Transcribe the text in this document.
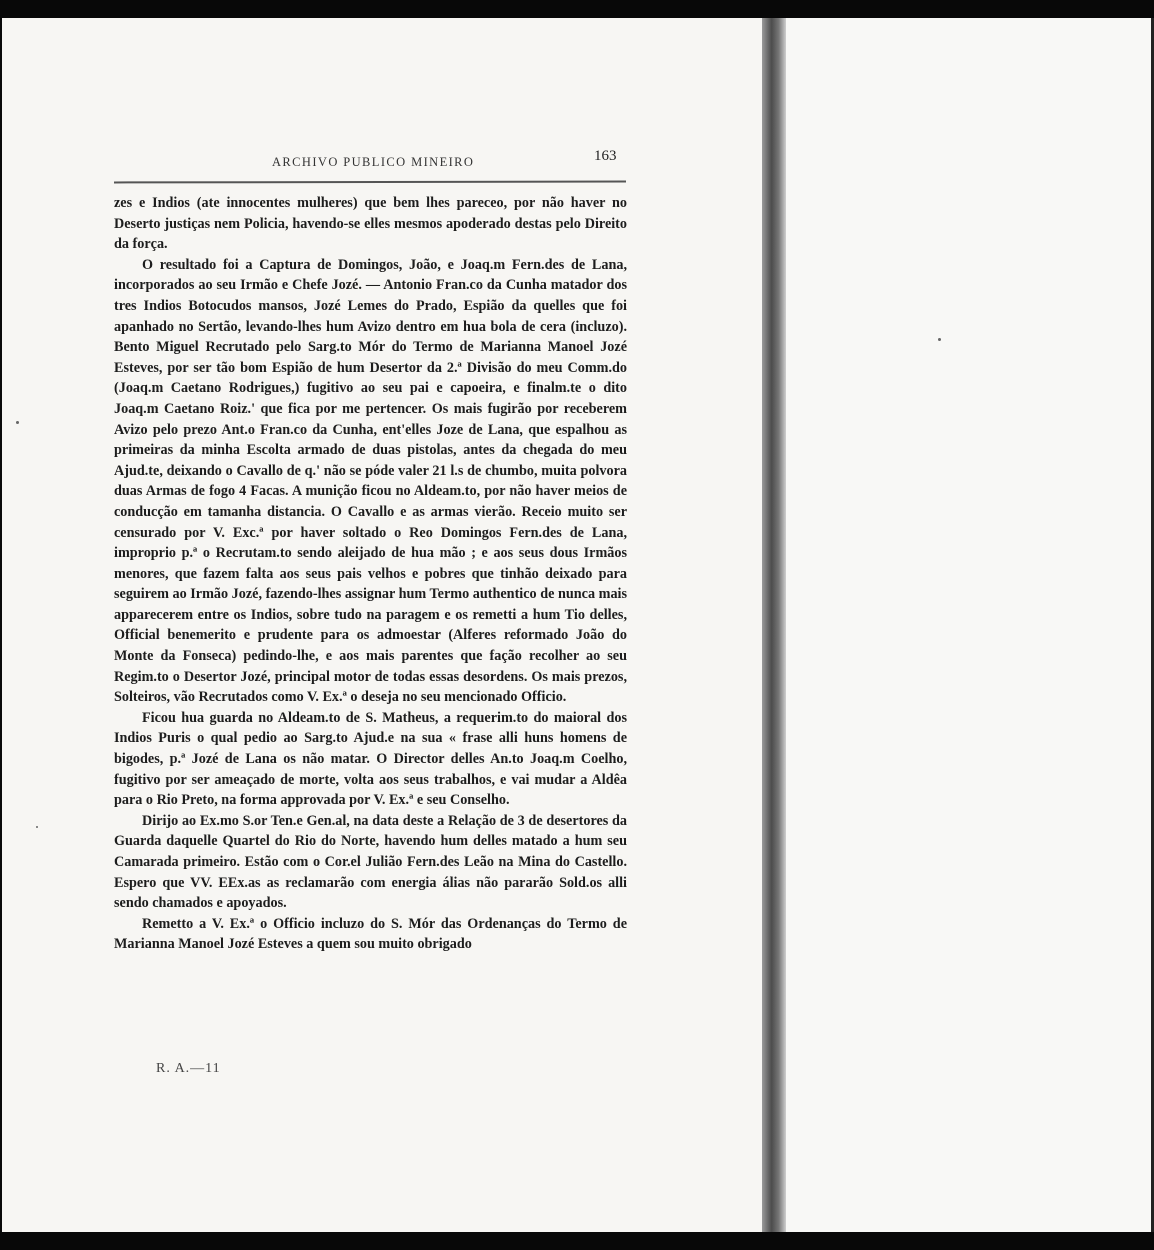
ARCHIVO PUBLICO MINEIRO	163

zes e Indios (ate innocentes mulheres) que bem lhes pareceo, por não haver no Deserto justiças nem Policia, havendo-se elles mesmos apoderado destas pelo Direito da força.

O resultado foi a Captura de Domingos, João, e Joaq.m Fern.des de Lana, incorporados ao seu Irmão e Chefe Jozé. — Antonio Fran.co da Cunha matador dos tres Indios Botocudos mansos, Jozé Lemes do Prado, Espião da quelles que foi apanhado no Sertão, levando-lhes hum Avizo dentro em hua bola de cera (incluzo). Bento Miguel Recrutado pelo Sarg.to Mór do Termo de Marianna Manoel Jozé Esteves, por ser tão bom Espião de hum Desertor da 2.ª Divisão do meu Comm.do (Joaq.m Caetano Rodrigues,) fugitivo ao seu pai e capoeira, e finalm.te o dito Joaq.m Caetano Roiz.' que fica por me pertencer. Os mais fugirão por receberem Avizo pelo prezo Ant.o Fran.co da Cunha, ent'elles Joze de Lana, que espalhou as primeiras da minha Escolta armado de duas pistolas, antes da chegada do meu Ajud.te, deixando o Cavallo de q.' não se póde valer 21 l.s de chumbo, muita polvora duas Armas de fogo 4 Facas. A munição ficou no Aldeam.to, por não haver meios de conducção em tamanha distancia. O Cavallo e as armas vierão. Receio muito ser censurado por V. Exc.ª por haver soltado o Reo Domingos Fern.des de Lana, improprio p.ª o Recrutam.to sendo aleijado de hua mão ; e aos seus dous Irmãos menores, que fazem falta aos seus pais velhos e pobres que tinhão deixado para seguirem ao Irmão Jozé, fazendo-lhes assignar hum Termo authentico de nunca mais apparecerem entre os Indios, sobre tudo na paragem e os remetti a hum Tio delles, Official benemerito e prudente para os admoestar (Alferes reformado João do Monte da Fonseca) pedindo-lhe, e aos mais parentes que fação recolher ao seu Regim.to o Desertor Jozé, principal motor de todas essas desordens. Os mais prezos, Solteiros, vão Recrutados como V. Ex.ª o deseja no seu mencionado Officio.

Ficou hua guarda no Aldeam.to de S. Matheus, a requerim.to do maioral dos Indios Puris o qual pedio ao Sarg.to Ajud.e na sua « frase alli huns homens de bigodes, p.ª Jozé de Lana os não matar. O Director delles An.to Joaq.m Coelho, fugitivo por ser ameaçado de morte, volta aos seus trabalhos, e vai mudar a Aldêa para o Rio Preto, na forma approvada por V. Ex.ª e seu Conselho.

Dirijo ao Ex.mo S.or Ten.e Gen.al, na data deste a Relação de 3 de desertores da Guarda daquelle Quartel do Rio do Norte, havendo hum delles matado a hum seu Camarada primeiro. Estão com o Cor.el Julião Fern.des Leão na Mina do Castello. Espero que VV. EEx.as as reclamarão com energia álias não pararão Sold.os alli sendo chamados e apoyados.

Remetto a V. Ex.ª o Officio incluzo do S. Mór das Ordenanças do Termo de Marianna Manoel Jozé Esteves a quem sou muito obrigado

R. A.—11
